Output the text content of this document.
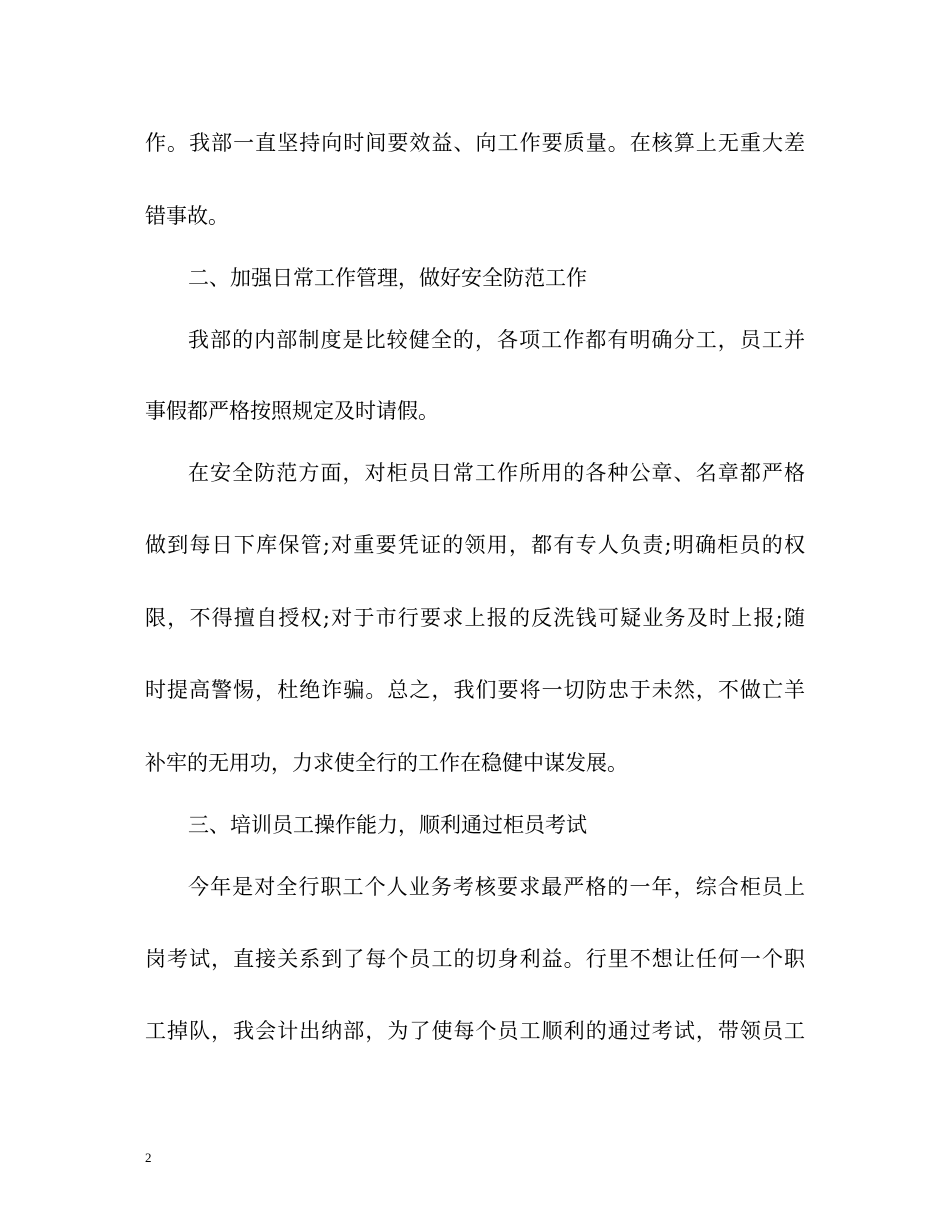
作。我部一直坚持向时间要效益、向工作要质量。在核算上无重大差
错事故。
二、加强日常工作管理，做好安全防范工作
我部的内部制度是比较健全的，各项工作都有明确分工，员工并
事假都严格按照规定及时请假。
在安全防范方面，对柜员日常工作所用的各种公章、名章都严格
做到每日下库保管;对重要凭证的领用，都有专人负责;明确柜员的权
限，不得擅自授权;对于市行要求上报的反洗钱可疑业务及时上报;随
时提高警惕，杜绝诈骗。总之，我们要将一切防忠于未然，不做亡羊
补牢的无用功，力求使全行的工作在稳健中谋发展。
三、培训员工操作能力，顺利通过柜员考试
今年是对全行职工个人业务考核要求最严格的一年，综合柜员上
岗考试，直接关系到了每个员工的切身利益。行里不想让任何一个职
工掉队，我会计出纳部，为了使每个员工顺利的通过考试，带领员工
2
